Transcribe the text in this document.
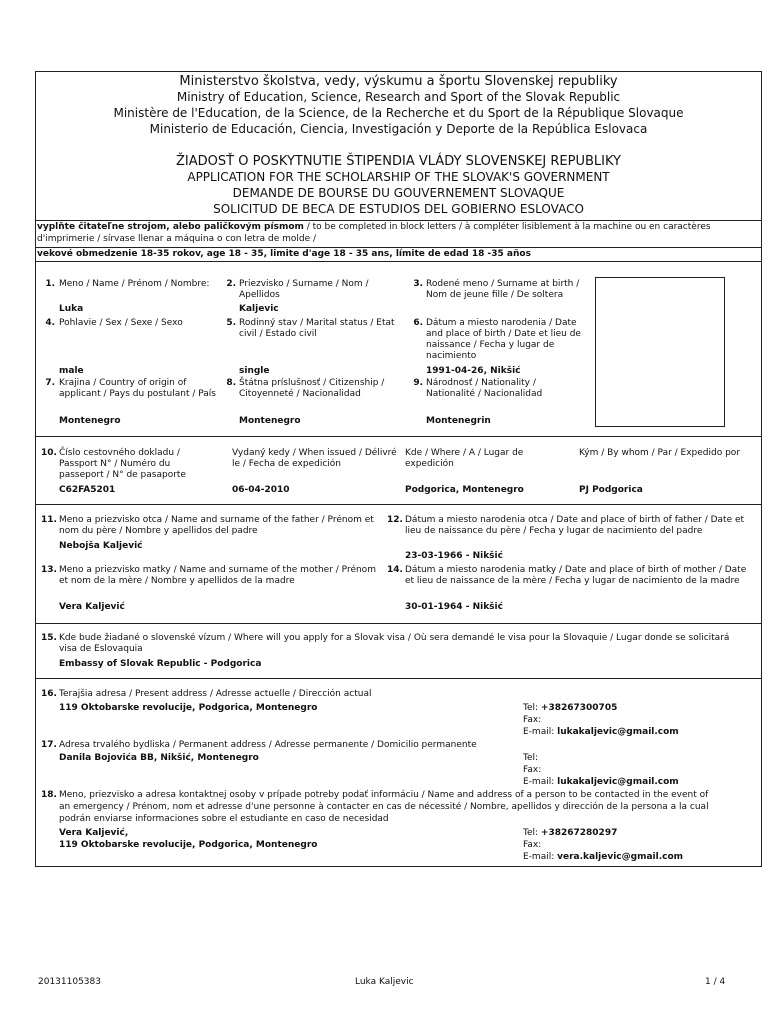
Ministerstvo školstva, vedy, výskumu a športu Slovenskej republiky
Ministry of Education, Science, Research and Sport of the Slovak Republic
Ministère de l'Education, de la Science, de la Recherche et du Sport de la République Slovaque
Ministerio de Educación, Ciencia, Investigación y Deporte de la República Eslovaca
ŽIADOSŤ O POSKYTNUTIE ŠTIPENDIA VLÁDY SLOVENSKEJ REPUBLIKY
APPLICATION FOR THE SCHOLARSHIP OF THE SLOVAK'S GOVERNMENT
DEMANDE DE BOURSE DU GOUVERNEMENT SLOVAQUE
SOLICITUD DE BECA DE ESTUDIOS DEL GOBIERNO ESLOVACO
vyplňte čitateľne strojom, alebo paličkovým písmom / to be completed in block letters / à compléter lisiblement à la machine ou en caractères
d'imprimerie / sírvase llenar a máquina o con letra de molde /
vekové obmedzenie 18-35 rokov, age 18 - 35, limite d'age 18 - 35 ans, límite de edad 18 -35 años
1. Meno / Name / Prénom / Nombre:
Luka
2. Priezvisko / Surname / Nom / Apellidos
Kaljevic
3. Rodené meno / Surname at birth / Nom de jeune fille / De soltera
4. Pohlavie / Sex / Sexe / Sexo
male
5. Rodinný stav / Marital status / Etat civil / Estado civil
single
6. Dátum a miesto narodenia / Date and place of birth / Date et lieu de naissance / Fecha y lugar de nacimiento
1991-04-26, Nikšić
7. Krajina / Country of origin of applicant / Pays du postulant / País
Montenegro
8. Štátna príslušnosť / Citizenship / Citoyenneté / Nacionalidad
Montenegro
9. Národnosť / Nationality / Nationalité / Nacionalidad
Montenegrin
10. Číslo cestovného dokladu / Passport N° / Numéro du passeport / N° de pasaporte
C62FA5201
Vydaný kedy / When issued / Délivré le / Fecha de expedición
06-04-2010
Kde / Where / A / Lugar de expedición
Podgorica, Montenegro
Kým / By whom / Par / Expedido por
PJ Podgorica
11. Meno a priezvisko otca / Name and surname of the father / Prénom et nom du père / Nombre y apellidos del padre
Nebojša Kaljević
12. Dátum a miesto narodenia otca / Date and place of birth of father / Date et lieu de naissance du père / Fecha y lugar de nacimiento del padre
23-03-1966 - Nikšić
13. Meno a priezvisko matky / Name and surname of the mother / Prénom et nom de la mère / Nombre y apellidos de la madre
Vera Kaljević
14. Dátum a miesto narodenia matky / Date and place of birth of mother / Date et lieu de naissance de la mère / Fecha y lugar de nacimiento de la madre
30-01-1964 - Nikšić
15. Kde bude žiadané o slovenské vízum / Where will you apply for a Slovak visa / Où sera demandé le visa pour la Slovaquie / Lugar donde se solicitará visa de Eslovaquia
Embassy of Slovak Republic - Podgorica
16. Terajšia adresa / Present address / Adresse actuelle / Dirección actual
119 Oktobarske revolucije, Podgorica, Montenegro	Tel: +38267300705
Fax:
E-mail: lukakaljevic@gmail.com
17. Adresa trvalého bydliska / Permanent address / Adresse permanente / Domicilio permanente
Danila Bojovića BB, Nikšić, Montenegro	Tel:
Fax:
E-mail: lukakaljevic@gmail.com
18. Meno, priezvisko a adresa kontaktnej osoby v prípade potreby podať informáciu / Name and address of a person to be contacted in the event of
an emergency / Prénom, nom et adresse d'une personne à contacter en cas de nécessité / Nombre, apellidos y dirección de la persona a la cual
podrán enviarse informaciones sobre el estudiante en caso de necesidad
Vera Kaljević,
119 Oktobarske revolucije, Podgorica, Montenegro
Tel: +38267280297
Fax:
E-mail: vera.kaljevic@gmail.com
20131105383	Luka Kaljevic	1 / 4
